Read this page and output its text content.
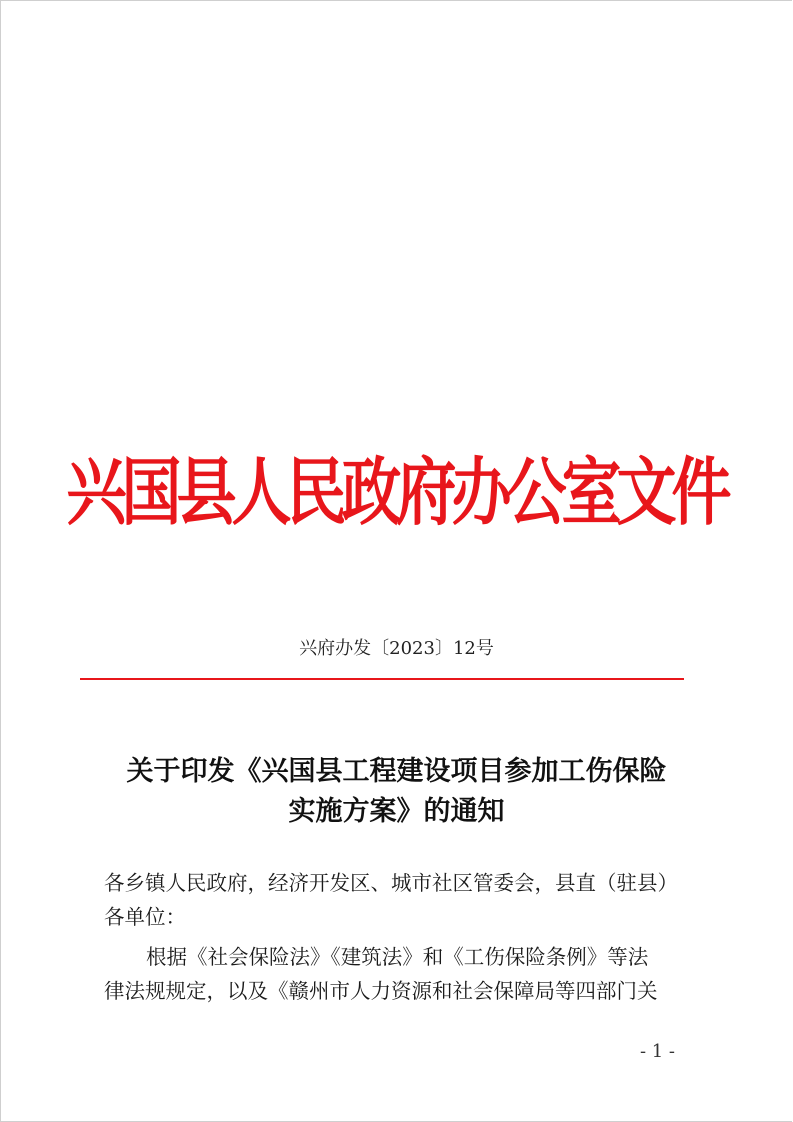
兴国县人民政府办公室文件
兴府办发〔2023〕12号
关于印发《兴国县工程建设项目参加工伤保险
实施方案》的通知
各乡镇人民政府，经济开发区、城市社区管委会，县直（驻县）
各单位：
根据《社会保险法》《建筑法》和《工伤保险条例》等法
律法规规定，以及《赣州市人力资源和社会保障局等四部门关
- 1 -
